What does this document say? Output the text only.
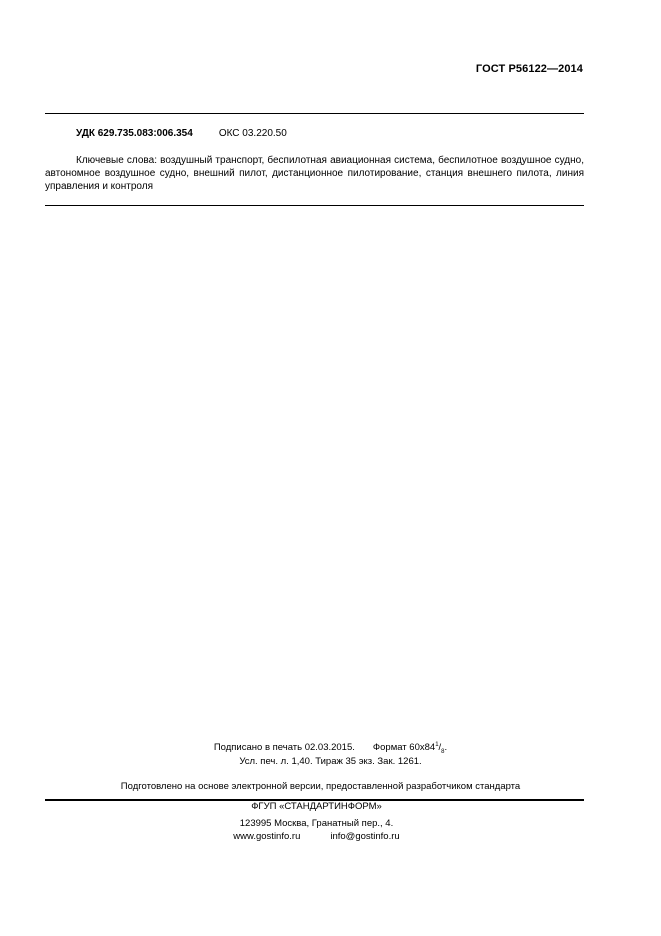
ГОСТ Р56122—2014
УДК 629.735.083:006.354	ОКС 03.220.50
Ключевые слова: воздушный транспорт, беспилотная авиационная система, беспилотное воздушное судно, автономное воздушное судно, внешний пилот, дистанционное пилотирование, станция внешнего пилота, линия управления и контроля
Подписано в печать 02.03.2015. Формат $60х84^1/_8$.
Усл. печ. л. 1,40. Тираж 35 экз. Зак. 1261.
Подготовлено на основе электронной версии, предоставленной разработчиком стандарта
ФГУП «СТАНДАРТИНФОРМ»
123995 Москва, Гранатный пер., 4.
www.gostinfo.ru	info@gostinfo.ru
